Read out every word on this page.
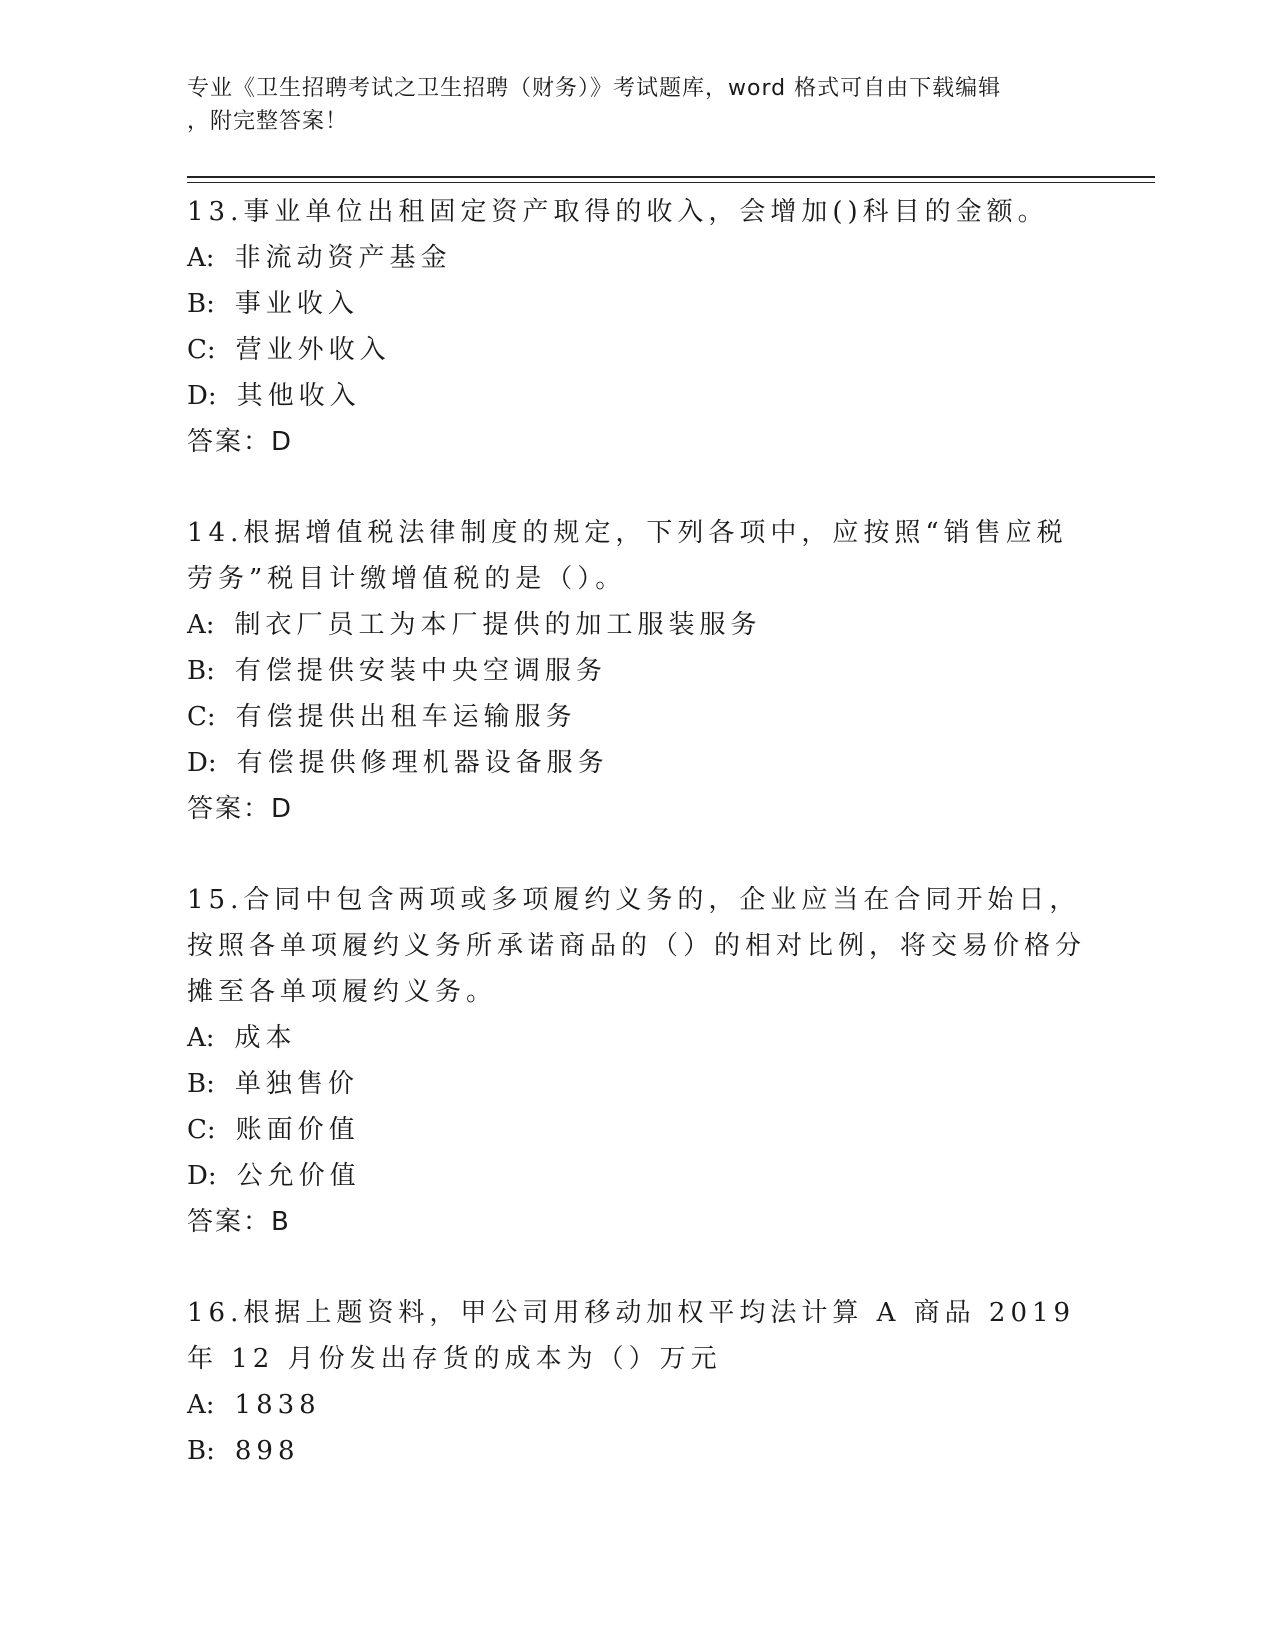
专业《卫生招聘考试之卫生招聘（财务）》考试题库，word 格式可自由下载编辑
，附完整答案！
13.事业单位出租固定资产取得的收入，会增加()科目的金额。
A: 非流动资产基金
B: 事业收入
C: 营业外收入
D: 其他收入
答案：D
14.根据增值税法律制度的规定，下列各项中，应按照“销售应税劳务”税目计缴增值税的是（）。
A: 制衣厂员工为本厂提供的加工服装服务
B: 有偿提供安装中央空调服务
C: 有偿提供出租车运输服务
D: 有偿提供修理机器设备服务
答案：D
15.合同中包含两项或多项履约义务的，企业应当在合同开始日，按照各单项履约义务所承诺商品的（）的相对比例，将交易价格分摊至各单项履约义务。
A: 成本
B: 单独售价
C: 账面价值
D: 公允价值
答案：B
16.根据上题资料，甲公司用移动加权平均法计算 A 商品 2019 年 12 月份发出存货的成本为（）万元
A: 1838
B: 898
